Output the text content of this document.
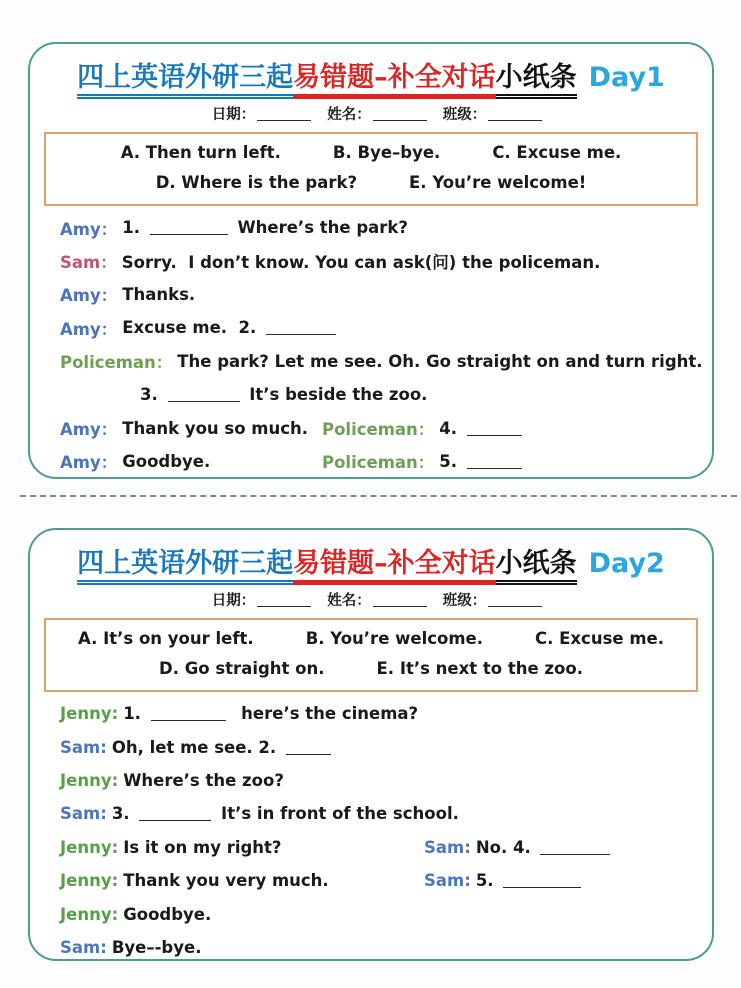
四上英语外研三起易错题–补全对话小纸条 Day1
日期：	姓名：	班级：
A. Then turn left.	B. Bye–bye.	C. Excuse me.
D. Where is the park?	E. You’re welcome!
Amy： 1.	Where’s the park?
Sam： Sorry.  I don’t know. You can ask(问) the policeman.
Amy： Thanks.
Amy： Excuse me.  2.
Policeman： The park? Let me see. Oh. Go straight on and turn right.
3.	It’s beside the zoo.
Amy： Thank you so much. Policeman： 4.
Amy： Goodbye.	Policeman： 5.
四上英语外研三起易错题–补全对话小纸条 Day2
日期：	姓名：	班级：
A. It’s on your left.	B. You’re welcome.	C. Excuse me.
D. Go straight on.	E. It’s next to the zoo.
Jenny: 1.	here’s the cinema?
Sam: Oh, let me see. 2.
Jenny: Where’s the zoo?
Sam: 3.	It’s in front of the school.
Jenny: Is it on my right?	Sam: No. 4.
Jenny: Thank you very much.	Sam: 5.
Jenny: Goodbye.
Sam: Bye–-bye.
